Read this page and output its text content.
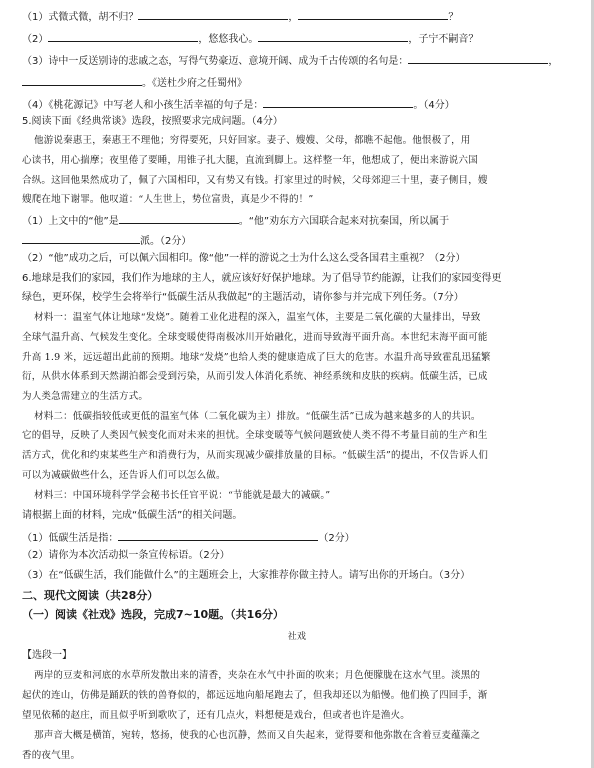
（1）式微式微，胡不归？	，	？
（2）	，悠悠我心。	，子宁不嗣音？
（3）诗中一反送别诗的悲戚之态，写得气势豪迈、意境开阔、成为千古传颂的名句是：	，
。《送杜少府之任蜀州》
（4）《桃花源记》中写老人和小孩生活幸福的句子是：	。（4分）
5.阅读下面《经典常谈》选段，按照要求完成问题。（4分）
他游说秦惠王，秦惠王不理他；穷得要死，只好回家。妻子、嫂嫂、父母，都瞧不起他。他恨极了，用
心读书，用心揣摩；夜里倦了要睡，用锥子扎大腿，直流到脚上。这样整一年，他想成了，便出来游说六国
合纵。这回他果然成功了，佩了六国相印，又有势又有钱。打家里过的时候，父母郊迎三十里，妻子侧目，嫂
嫂爬在地下谢罪。他叹道：“人生世上，势位富贵，真是少不得的！”
（1）上文中的“他”是	。“他”劝东方六国联合起来对抗秦国，所以属于
派。（2分）
（2）“他”成功之后，可以佩六国相印。像“他”一样的游说之士为什么这么受各国君主重视？（2分）
6.地球是我们的家园，我们作为地球的主人，就应该好好保护地球。为了倡导节约能源，让我们的家园变得更
绿色，更环保，校学生会将举行“低碳生活从我做起”的主题活动，请你参与并完成下列任务。（7分）
材料一：温室气体让地球“发烧”。随着工业化进程的深入，温室气体，主要是二氧化碳的大量排出，导致
全球气温升高、气候发生变化。全球变暖使得南极冰川开始融化，进而导致海平面升高。本世纪末海平面可能
升高 1.9 米，远远超出此前的预期。地球“发烧”也给人类的健康造成了巨大的危害。水温升高导致霍乱迅猛繁
衍，从供水体系到天然湖泊都会受到污染，从而引发人体消化系统、神经系统和皮肤的疾病。低碳生活，已成
为人类急需建立的生活方式。
材料二：低碳指较低或更低的温室气体（二氧化碳为主）排放。“低碳生活”已成为越来越多的人的共识。
它的倡导，反映了人类因气候变化而对未来的担忧。全球变暖等气候问题致使人类不得不考量目前的生产和生
活方式，优化和约束某些生产和消费行为，从而实现减少碳排放量的目标。“低碳生活”的提出，不仅告诉人们
可以为减碳做些什么，还告诉人们可以怎么做。
材料三：中国环境科学学会秘书长任官平说：“节能就是最大的减碳。”
请根据上面的材料，完成“低碳生活”的相关问题。
（1）低碳生活是指：	（2分）
（2）请你为本次活动拟一条宣传标语。（2分）
（3）在“低碳生活，我们能做什么”的主题班会上，大家推荐你做主持人。请写出你的开场白。（3分）
二、现代文阅读（共28分）
（一）阅读《社戏》选段，完成7~10题。（共16分）
社戏
【选段一】
两岸的豆麦和河底的水草所发散出来的清香，夹杂在水气中扑面的吹来；月色便朦胧在这水气里。淡黑的
起伏的连山，仿佛是踊跃的铁的兽脊似的，都远远地向船尾跑去了，但我却还以为船慢。他们换了四回手，渐
望见依稀的赵庄，而且似乎听到歌吹了，还有几点火，料想便是戏台，但或者也许是渔火。
那声音大概是横笛，宛转，悠扬，使我的心也沉静，然而又自失起来，觉得要和他弥散在含着豆麦蕴藻之
香的夜气里。
